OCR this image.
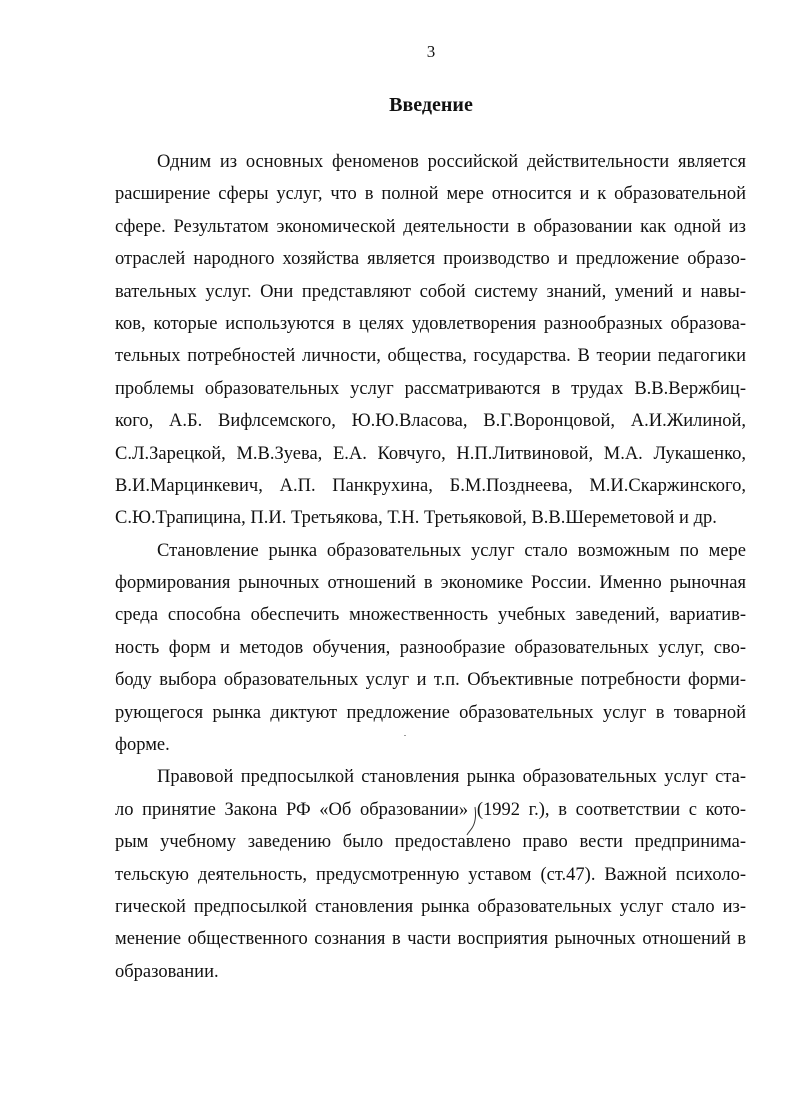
3
Введение

Одним из основных феноменов российской действительности является
расширение сферы услуг, что в полной мере относится и к образовательной
сфере. Результатом экономической деятельности в образовании как одной из
отраслей народного хозяйства является производство и предложение образо-
вательных услуг. Они представляют собой систему знаний, умений и навы-
ков, которые используются в целях удовлетворения разнообразных образова-
тельных потребностей личности, общества, государства. В теории педагогики
проблемы образовательных услуг рассматриваются в трудах В.В.Вержбиц-
кого, А.Б. Вифлсемского, Ю.Ю.Власова, В.Г.Воронцовой, А.И.Жилиной,
С.Л.Зарецкой, М.В.Зуева, Е.А. Ковчуго, Н.П.Литвиновой, М.А. Лукашенко,
В.И.Марцинкевич, А.П. Панкрухина, Б.М.Позднеева, М.И.Скаржинского,
С.Ю.Трапицина, П.И. Третьякова, Т.Н. Третьяковой, В.В.Шереметовой и др.

Становление рынка образовательных услуг стало возможным по мере
формирования рыночных отношений в экономике России. Именно рыночная
среда способна обеспечить множественность учебных заведений, вариатив-
ность форм и методов обучения, разнообразие образовательных услуг, сво-
боду выбора образовательных услуг и т.п. Объективные потребности форми-
рующегося рынка диктуют предложение образовательных услуг в товарной
форме.

Правовой предпосылкой становления рынка образовательных услуг ста-
ло принятие Закона РФ «Об образовании» (1992 г.), в соответствии с кото-
рым учебному заведению было предоставлено право вести предпринима-
тельскую деятельность, предусмотренную уставом (ст.47). Важной психоло-
гической предпосылкой становления рынка образовательных услуг стало из-
менение общественного сознания в части восприятия рыночных отношений в
образовании.
